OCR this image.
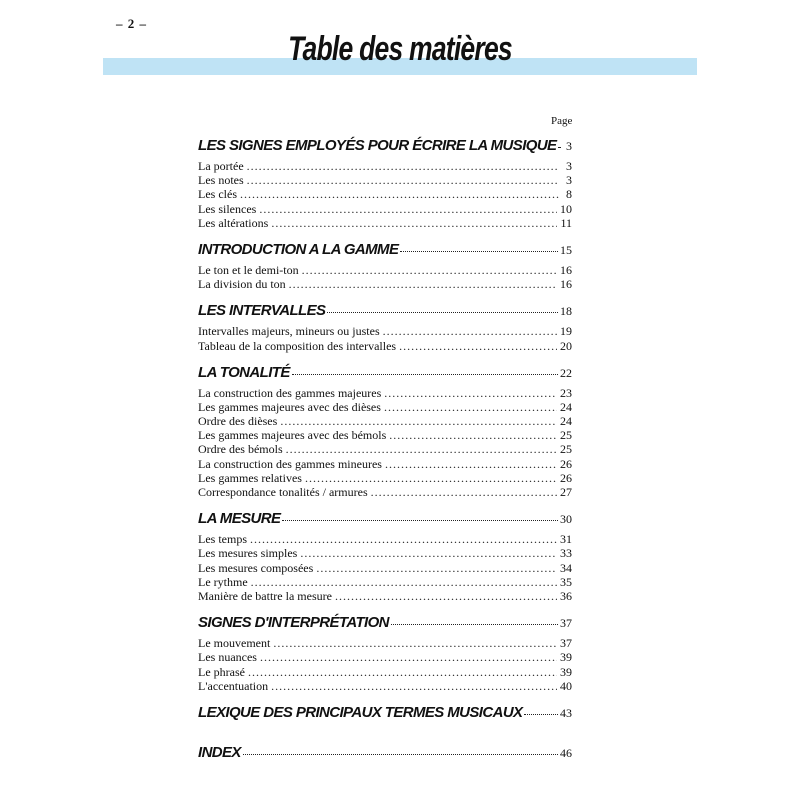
– 2 –
Table des matières
Page
LES SIGNES EMPLOYÉS POUR ÉCRIRE LA MUSIQUE 3
La portée .....	3
Les notes .....	3
Les clés .....	8
Les silences .....	10
Les altérations .....	11
INTRODUCTION A LA GAMME	15
Le ton et le demi-ton .....	16
La division du ton .....	16
LES INTERVALLES	18
Intervalles majeurs, mineurs ou justes .....	19
Tableau de la composition des intervalles .....	20
LA TONALITÉ	22
La construction des gammes majeures .....	23
Les gammes majeures avec des dièses .....	24
Ordre des dièses .....	24
Les gammes majeures avec des bémols .....	25
Ordre des bémols .....	25
La construction des gammes mineures .....	26
Les gammes relatives .....	26
Correspondance tonalités / armures .....	27
LA MESURE	30
Les temps .....	31
Les mesures simples .....	33
Les mesures composées .....	34
Le rythme .....	35
Manière de battre la mesure .....	36
SIGNES D'INTERPRÉTATION	37
Le mouvement .....	37
Les nuances .....	39
Le phrasé .....	39
L'accentuation .....	40
LEXIQUE DES PRINCIPAUX TERMES MUSICAUX	43
INDEX	46
